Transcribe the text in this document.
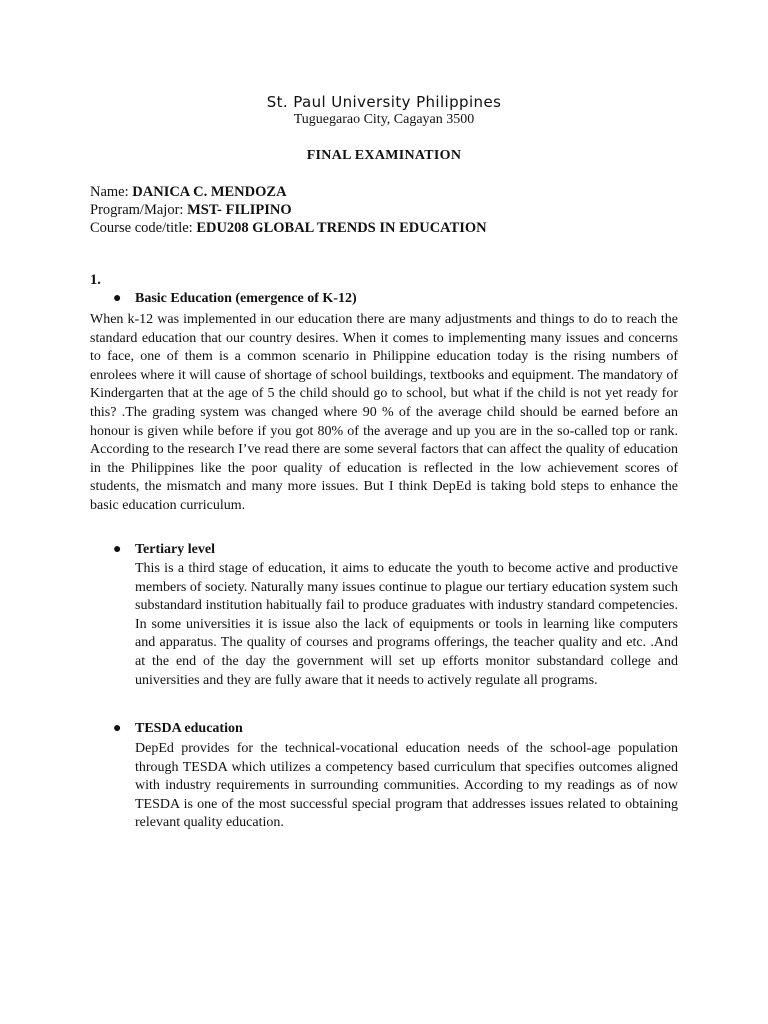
St. Paul University Philippines
Tuguegarao City, Cagayan 3500
FINAL EXAMINATION
Name: DANICA C. MENDOZA
Program/Major: MST- FILIPINO
Course code/title: EDU208 GLOBAL TRENDS IN EDUCATION
1.
● Basic Education (emergence of K-12)

When k-12 was implemented in our education there are many adjustments and things to do to reach the standard education that our country desires. When it comes to implementing many issues and concerns to face, one of them is a common scenario in Philippine education today is the rising numbers of enrolees where it will cause of shortage of school buildings, textbooks and equipment. The mandatory of Kindergarten that at the age of 5 the child should go to school, but what if the child is not yet ready for this? .The grading system was changed where 90 % of the average child should be earned before an honour is given while before if you got 80% of the average and up you are in the so-called top or rank. According to the research I’ve read there are some several factors that can affect the quality of education in the Philippines like the poor quality of education is reflected in the low achievement scores of students, the mismatch and many more issues. But I think DepEd is taking bold steps to enhance the basic education curriculum.

● Tertiary level

This is a third stage of education, it aims to educate the youth to become active and productive members of society. Naturally many issues continue to plague our tertiary education system such substandard institution habitually fail to produce graduates with industry standard competencies. In some universities it is issue also the lack of equipments or tools in learning like computers and apparatus. The quality of courses and programs offerings, the teacher quality and etc. .And at the end of the day the government will set up efforts monitor substandard college and universities and they are fully aware that it needs to actively regulate all programs.

● TESDA education

DepEd provides for the technical-vocational education needs of the school-age population through TESDA which utilizes a competency based curriculum that specifies outcomes aligned with industry requirements in surrounding communities. According to my readings as of now TESDA is one of the most successful special program that addresses issues related to obtaining relevant quality education.
